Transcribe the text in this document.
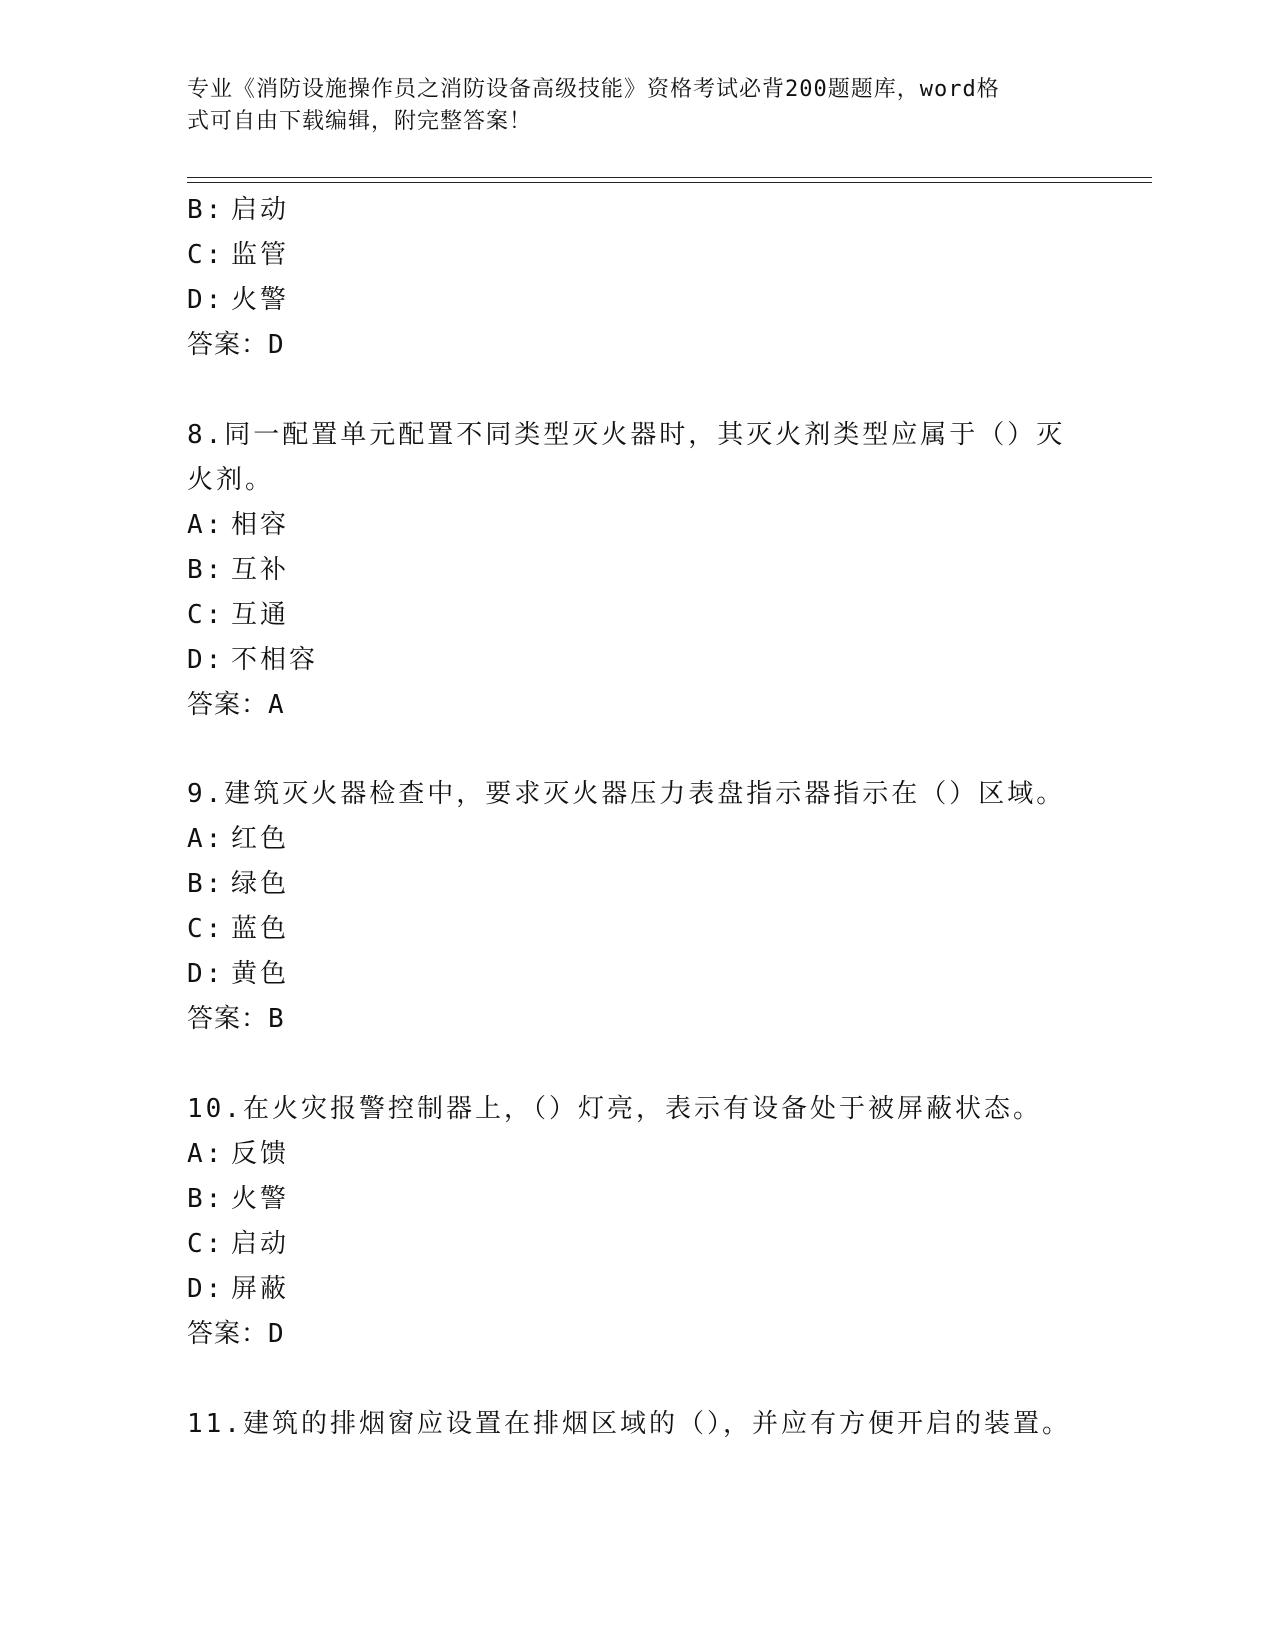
专业《消防设施操作员之消防设备高级技能》资格考试必背200题题库，word格
式可自由下载编辑，附完整答案！
B: 启动
C: 监管
D: 火警
答案：D
8.同一配置单元配置不同类型灭火器时，其灭火剂类型应属于（）灭
火剂。
A: 相容
B: 互补
C: 互通
D: 不相容
答案：A
9.建筑灭火器检查中，要求灭火器压力表盘指示器指示在（）区域。
A: 红色
B: 绿色
C: 蓝色
D: 黄色
答案：B
10.在火灾报警控制器上，（）灯亮，表示有设备处于被屏蔽状态。
A: 反馈
B: 火警
C: 启动
D: 屏蔽
答案：D
11.建筑的排烟窗应设置在排烟区域的（），并应有方便开启的装置。
